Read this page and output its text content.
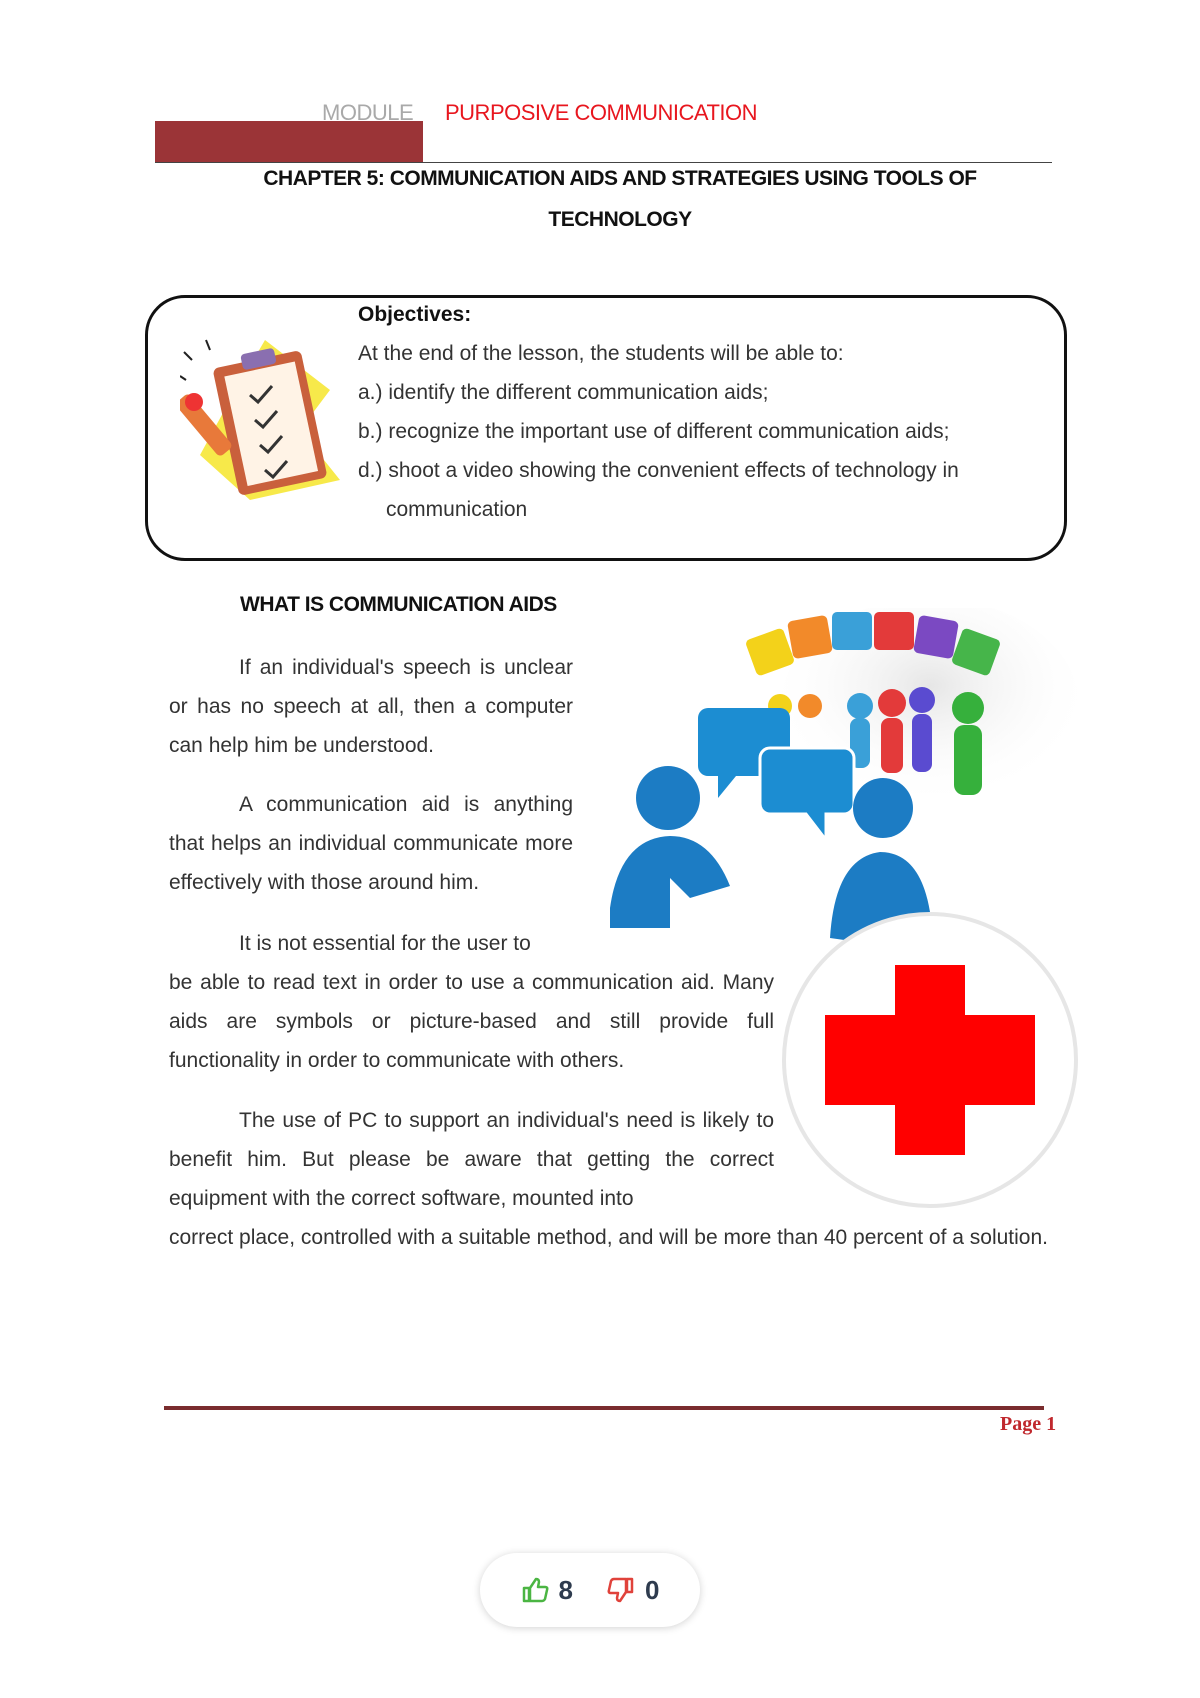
MODULE PURPOSIVE COMMUNICATION
CHAPTER 5: COMMUNICATION AIDS AND STRATEGIES USING TOOLS OF TECHNOLOGY
Objectives:
At the end of the lesson, the students will be able to:
a.) identify the different communication aids;
b.) recognize the important use of different communication aids;
d.) shoot a video showing the convenient effects of technology in
communication
WHAT IS COMMUNICATION AIDS
If an individual's speech is unclear or has no speech at all, then a computer can help him be understood.
A communication aid is anything that helps an individual communicate more effectively with those around him.
It is not essential for the user to
be able to read text in order to use a communication aid. Many aids are symbols or picture-based and still provide full functionality in order to communicate with others.
The use of PC to support an individual's need is likely to benefit him. But please be aware that getting the correct equipment with the correct software, mounted into
correct place, controlled with a suitable method, and will be more than 40 percent of a solution.
Page 1
8	0
